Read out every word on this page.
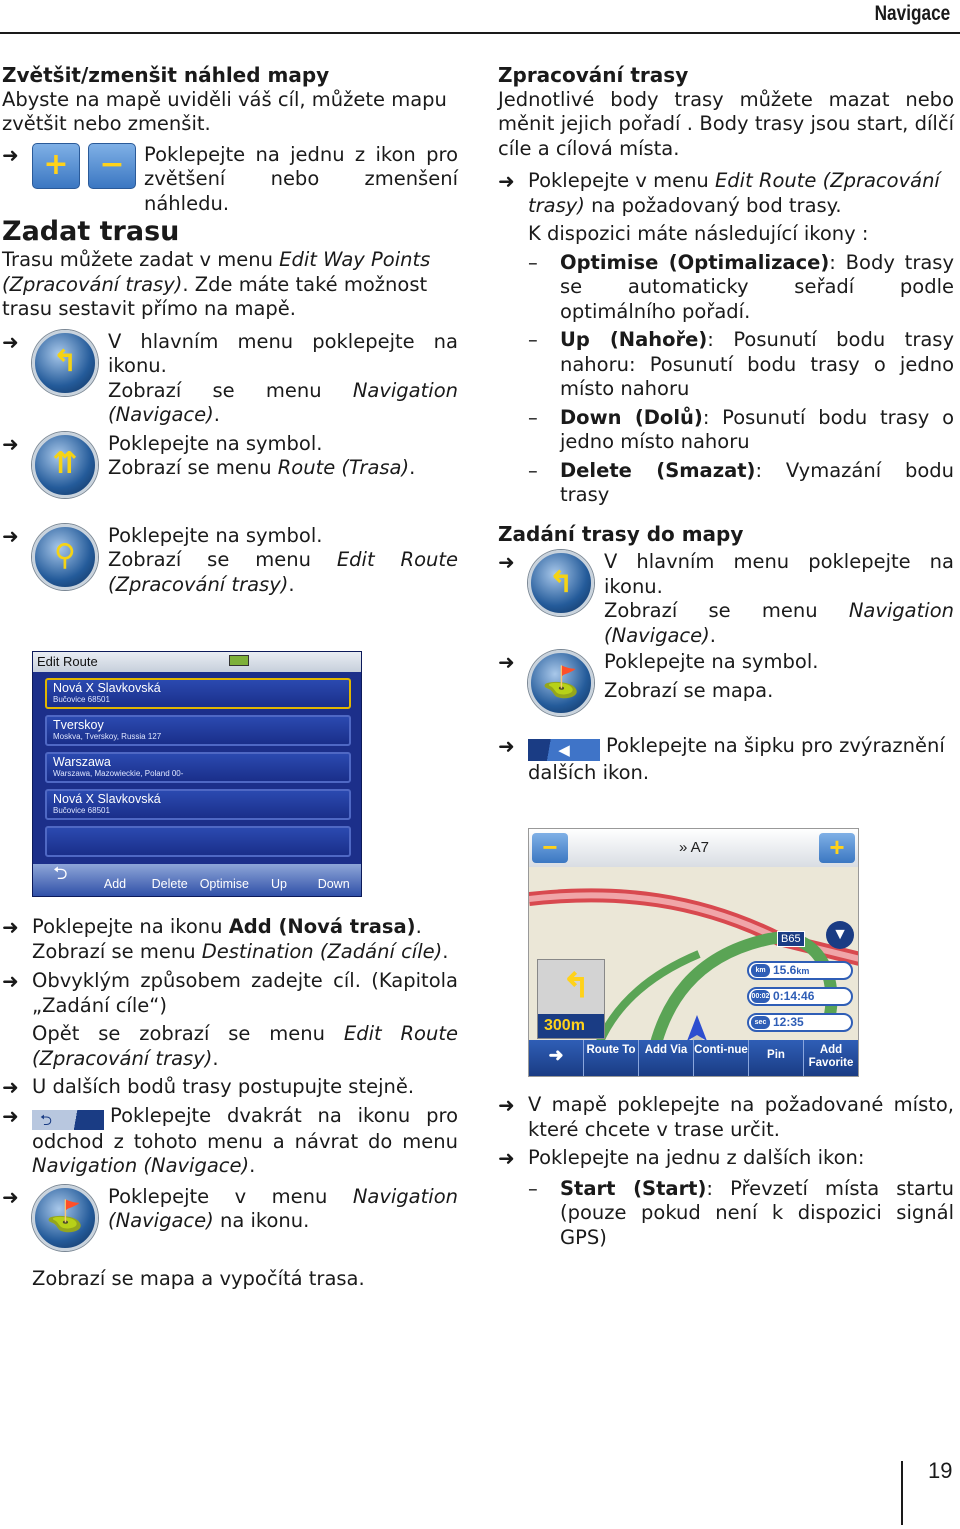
Navigace

Zvětšit/zmenšit náhled mapy

Abyste na mapě uviděli váš cíl, můžete mapu zvětšit nebo zmenšit.

➜ +	− Poklepejte na jednu z ikon pro zvětšení nebo zmenšení náhledu.

Zadat trasu

Trasu můžete zadat v menu Edit Way Points (Zpracování trasy). Zde máte také možnost trasu sestavit přímo na mapě.

➜
↰

V hlavním menu poklepejte na ikonu.

Zobrazí se menu Navigation (Navigace).

➜
⇈

Poklepejte na symbol.

Zobrazí se menu Route (Trasa).

➜
⚲

Poklepejte na symbol.

Zobrazí se menu Edit Route (Zpracování trasy).

Edit Route
Nová X Slavkovská
Bučovice 68501
Tverskoy
Moskva, Tverskoy, Russia 127
Warszawa
Warszawa, Mazowieckie, Poland 00-
Nová X Slavkovská
Bučovice 68501
⮌
Add	Delete Optimise	Up	Down
➜ Poklepejte na ikonu Add (Nová trasa).

Zobrazí se menu Destination (Zadání cíle).

➜ Obvyklým způsobem zadejte cíl. (Kapitola „Zadání cíle“)

Opět se zobrazí se menu Edit Route (Zpracování trasy).

➜ U dalších bodů trasy postupujte stejně.

➜ ⮌	Poklepejte dvakrát na ikonu pro odchod z tohoto menu a návrat do menu Navigation (Navigace).
➜
⛳

Poklepejte v menu Navigation (Navigace) na ikonu.

Zobrazí se mapa a vypočítá trasa.

Zpracování trasy

Jednotlivé body trasy můžete mazat nebo měnit jejich pořadí . Body trasy jsou start, dílčí cíle a cílová místa.

➜ Poklepejte v menu Edit Route (Zpracování trasy) na požadovaný bod trasy.

K dispozici máte následující ikony :

– Optimise (Optimalizace): Body trasy se automaticky seřadí podle optimálního pořadí.
– Up (Nahoře): Posunutí bodu trasy nahoru: Posunutí bodu trasy o jedno místo nahoru
– Down (Dolů): Posunutí bodu trasy o jedno místo nahoru
– Delete (Smazat): Vymazání bodu trasy

Zadání trasy do mapy

➜
↰

V hlavním menu poklepejte na ikonu.

Zobrazí se menu Navigation (Navigace).

➜
⛳

Poklepejte na symbol.

Zobrazí se mapa.

➜	◀ Poklepejte na šipku pro zvýraznění dalších ikon.
−	+
» A7
B65	▼
↰
300m
km 15.6km
00:02 0:14:46
sec 12:35
➜	Route To Add Via Conti-nue	Pin	Add Favorite
➜ V mapě poklepejte na požadované místo, které chcete v trase určit.

➜ Poklepejte na jednu z dalších ikon:

– Start (Start): Převzetí místa startu (pouze pokud není k dispozici signál GPS)
19
